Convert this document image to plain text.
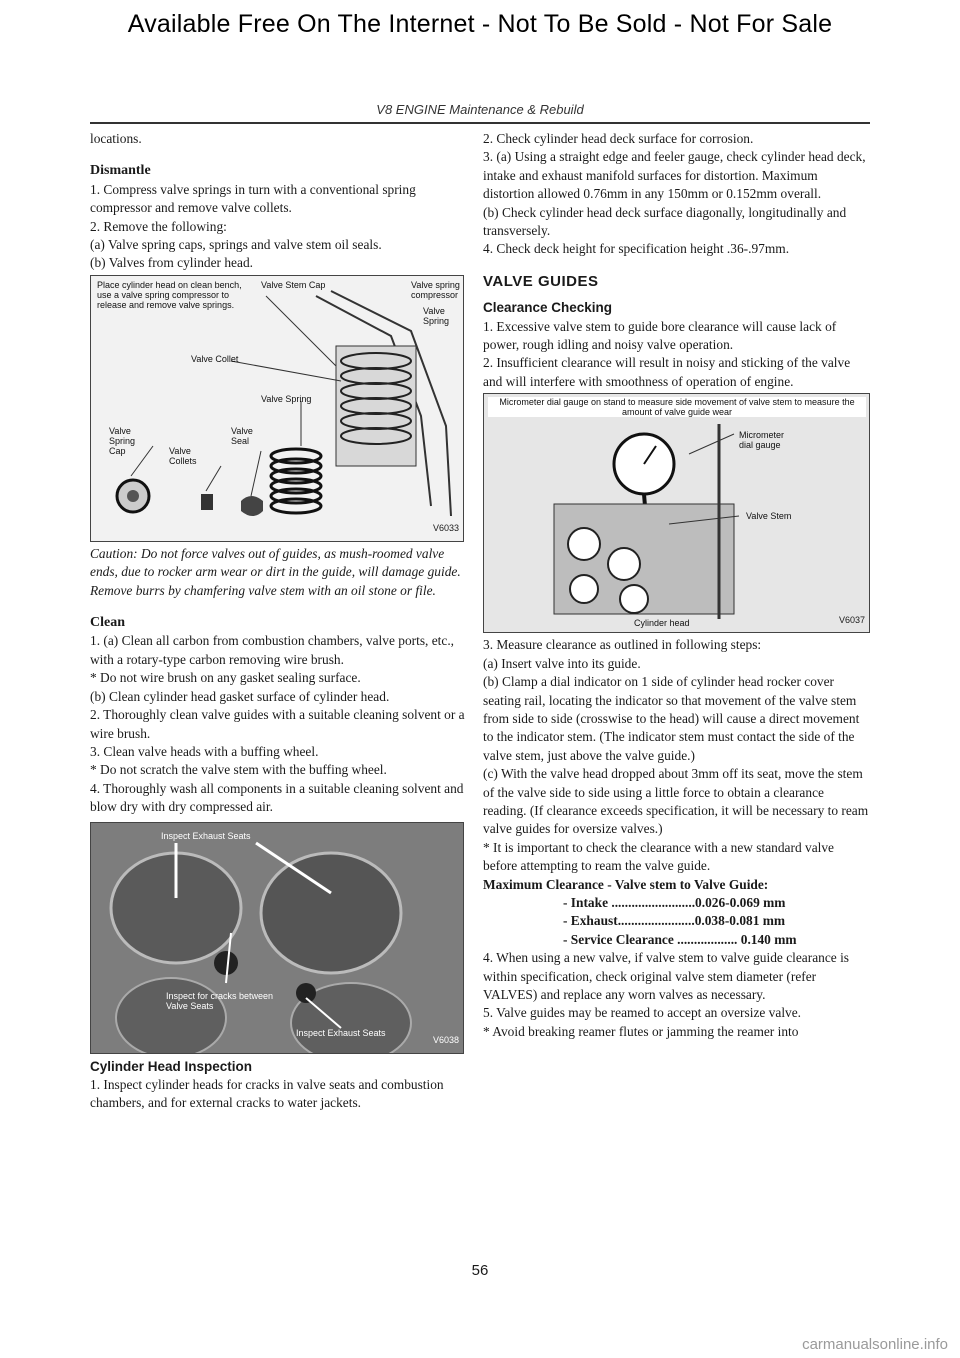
Available Free On The Internet - Not To Be Sold - Not For Sale
V8 ENGINE Maintenance & Rebuild

locations.

Dismantle

1. Compress valve springs in turn with a conventional spring compressor and remove valve collets.

2. Remove the following:

(a) Valve spring caps, springs and valve stem oil seals.

(b) Valves from cylinder head.

Place cylinder head on clean bench, use a valve spring compressor to release and remove valve springs.
Valve Stem Cap	Valve spring compressor
Valve Spring
Valve Collet
Valve Spring
Valve Spring Cap	Valve Collets
Valve Seal
V6033

Caution: Do not force valves out of guides, as mush-roomed valve ends, due to rocker arm wear or dirt in the guide, will damage guide. Remove burrs by chamfering valve stem with an oil stone or file.

Clean

1. (a) Clean all carbon from combustion chambers, valve ports, etc., with a rotary-type carbon removing wire brush.

* Do not wire brush on any gasket sealing surface.

(b) Clean cylinder head gasket surface of cylinder head.

2. Thoroughly clean valve guides with a suitable cleaning solvent or a wire brush.

3. Clean valve heads with a buffing wheel.

* Do not scratch the valve stem with the buffing wheel.

4. Thoroughly wash all components in a suitable cleaning solvent and blow dry with dry compressed air.

Inspect Exhaust Seats
Inspect for cracks between Valve Seats
Inspect Exhaust Seats
V6038

Cylinder Head Inspection

1. Inspect cylinder heads for cracks in valve seats and combustion chambers, and for external cracks to water jackets.

2. Check cylinder head deck surface for corrosion.

3. (a) Using a straight edge and feeler gauge, check cylinder head deck, intake and exhaust manifold surfaces for distortion. Maximum distortion allowed 0.76mm in any 150mm or 0.152mm overall.

(b) Check cylinder head deck surface diagonally, longitudinally and transversely.

4. Check deck height for specification height .36-.97mm.

VALVE GUIDES

Clearance Checking

1. Excessive valve stem to guide bore clearance will cause lack of power, rough idling and noisy valve operation.

2. Insufficient clearance will result in noisy and sticking of the valve and will interfere with smoothness of operation of engine.

Micrometer dial gauge on stand to measure side movement of valve stem to measure the amount of valve guide wear
Micrometer dial gauge
Valve Stem
Cylinder head	V6037

3. Measure clearance as outlined in following steps:

(a) Insert valve into its guide.

(b) Clamp a dial indicator on 1 side of cylinder head rocker cover seating rail, locating the indicator so that movement of the valve stem from side to side (crosswise to the head) will cause a direct movement to the indicator stem. (The indicator stem must contact the side of the valve stem, just above the valve guide.)

(c) With the valve head dropped about 3mm off its seat, move the stem of the valve side to side using a little force to obtain a clearance reading. (If clearance exceeds specification, it will be necessary to ream valve guides for oversize valves.)

* It is important to check the clearance with a new standard valve before attempting to ream the valve guide.

Maximum Clearance - Valve stem to Valve Guide:

- Intake .........................0.026-0.069 mm

- Exhaust.......................0.038-0.081 mm

- Service Clearance .................. 0.140 mm

4. When using a new valve, if valve stem to valve guide clearance is within specification, check original valve stem diameter (refer VALVES) and replace any worn valves as necessary.

5. Valve guides may be reamed to accept an oversize valve.

* Avoid breaking reamer flutes or jamming the reamer into

56
carmanualsonline.info
